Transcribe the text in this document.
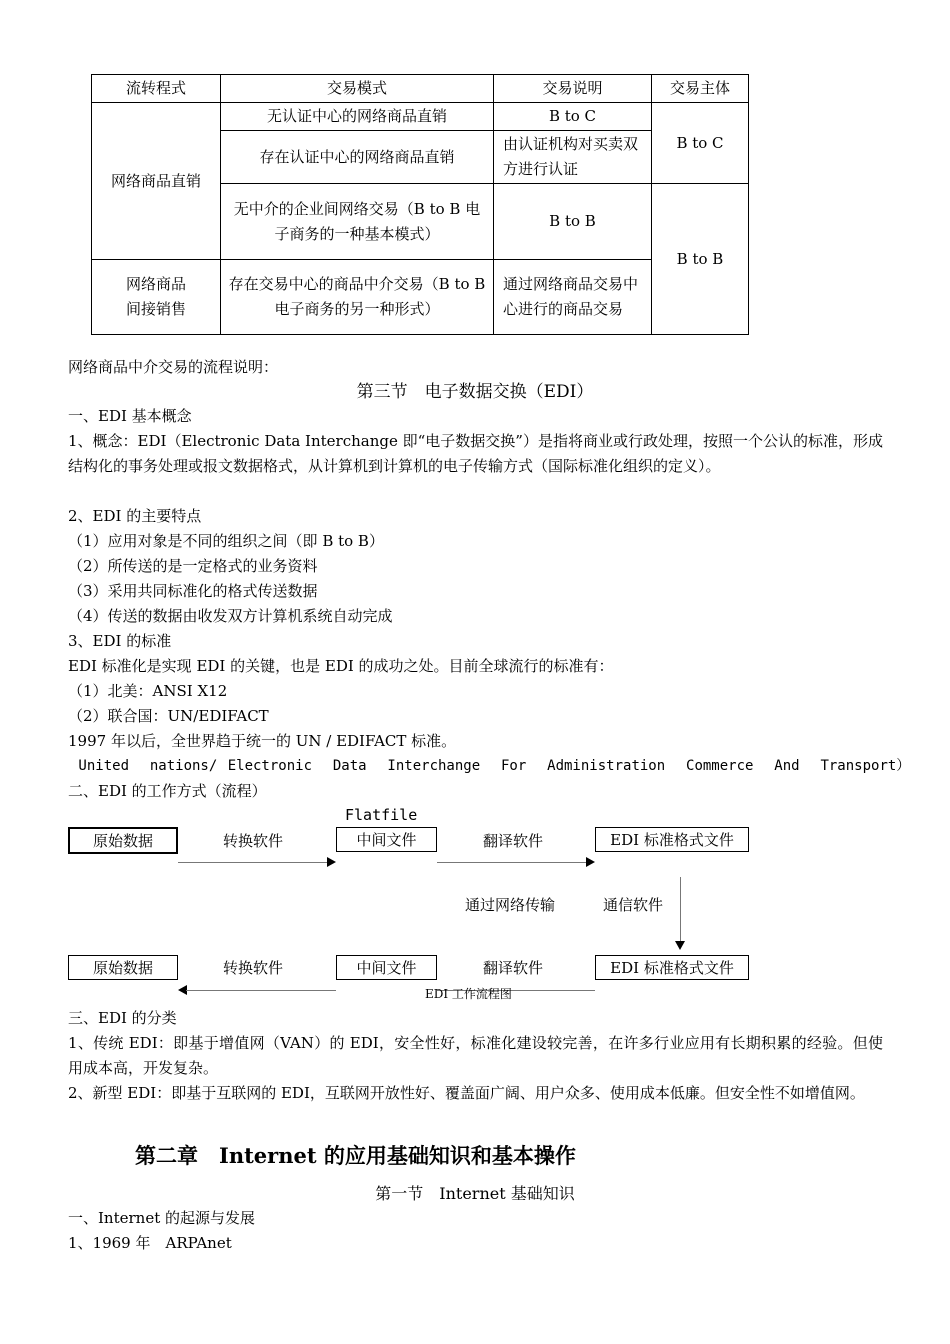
流转程式	交易模式	交易说明	交易主体
网络商品直销	无认证中心的网络商品直销	B to C	B to C
	存在认证中心的网络商品直销	由认证机构对买卖双方进行认证	
	无中介的企业间网络交易（B to B 电子商务的一种基本模式）	B to B	B to B

网络商品
间接销售	存在交易中心的商品中介交易（B to B 电子商务的另一种形式）	通过网络商品交易中心进行的商品交易	
网络商品中介交易的流程说明：
第三节　电子数据交换（EDI）
一、EDI 基本概念
1、概念：EDI（Electronic Data Interchange 即“电子数据交换”）是指将商业或行政处理，按照一个公认的标准，形成结构化的事务处理或报文数据格式，从计算机到计算机的电子传输方式（国际标准化组织的定义）。
2、EDI 的主要特点
（1）应用对象是不同的组织之间（即 B to B）
（2）所传送的是一定格式的业务资料
（3）采用共同标准化的格式传送数据
（4）传送的数据由收发双方计算机系统自动完成
3、EDI 的标准
EDI 标准化是实现 EDI 的关键，也是 EDI 的成功之处。目前全球流行的标准有：
（1）北美：ANSI X12
（2）联合国：UN/EDIFACT
1997 年以后，全世界趋于统一的 UN / EDIFACT 标准。
United  nations/ Electronic  Data  Interchange  For  Administration  Commerce  And  Transport）
二、EDI 的工作方式（流程）
Flatfile
原始数据	转换软件	中间文件	翻译软件	EDI 标准格式文件
通过网络传输	通信软件
原始数据	转换软件	中间文件	翻译软件	EDI 标准格式文件
EDI 工作流程图
三、EDI 的分类
1、传统 EDI：即基于增值网（VAN）的 EDI，安全性好，标准化建设较完善，在许多行业应用有长期积累的经验。但使用成本高，开发复杂。
2、新型 EDI：即基于互联网的 EDI，互联网开放性好、覆盖面广阔、用户众多、使用成本低廉。但安全性不如增值网。
第二章　Internet 的应用基础知识和基本操作
第一节　Internet 基础知识
一、Internet 的起源与发展
1、1969 年　ARPAnet
